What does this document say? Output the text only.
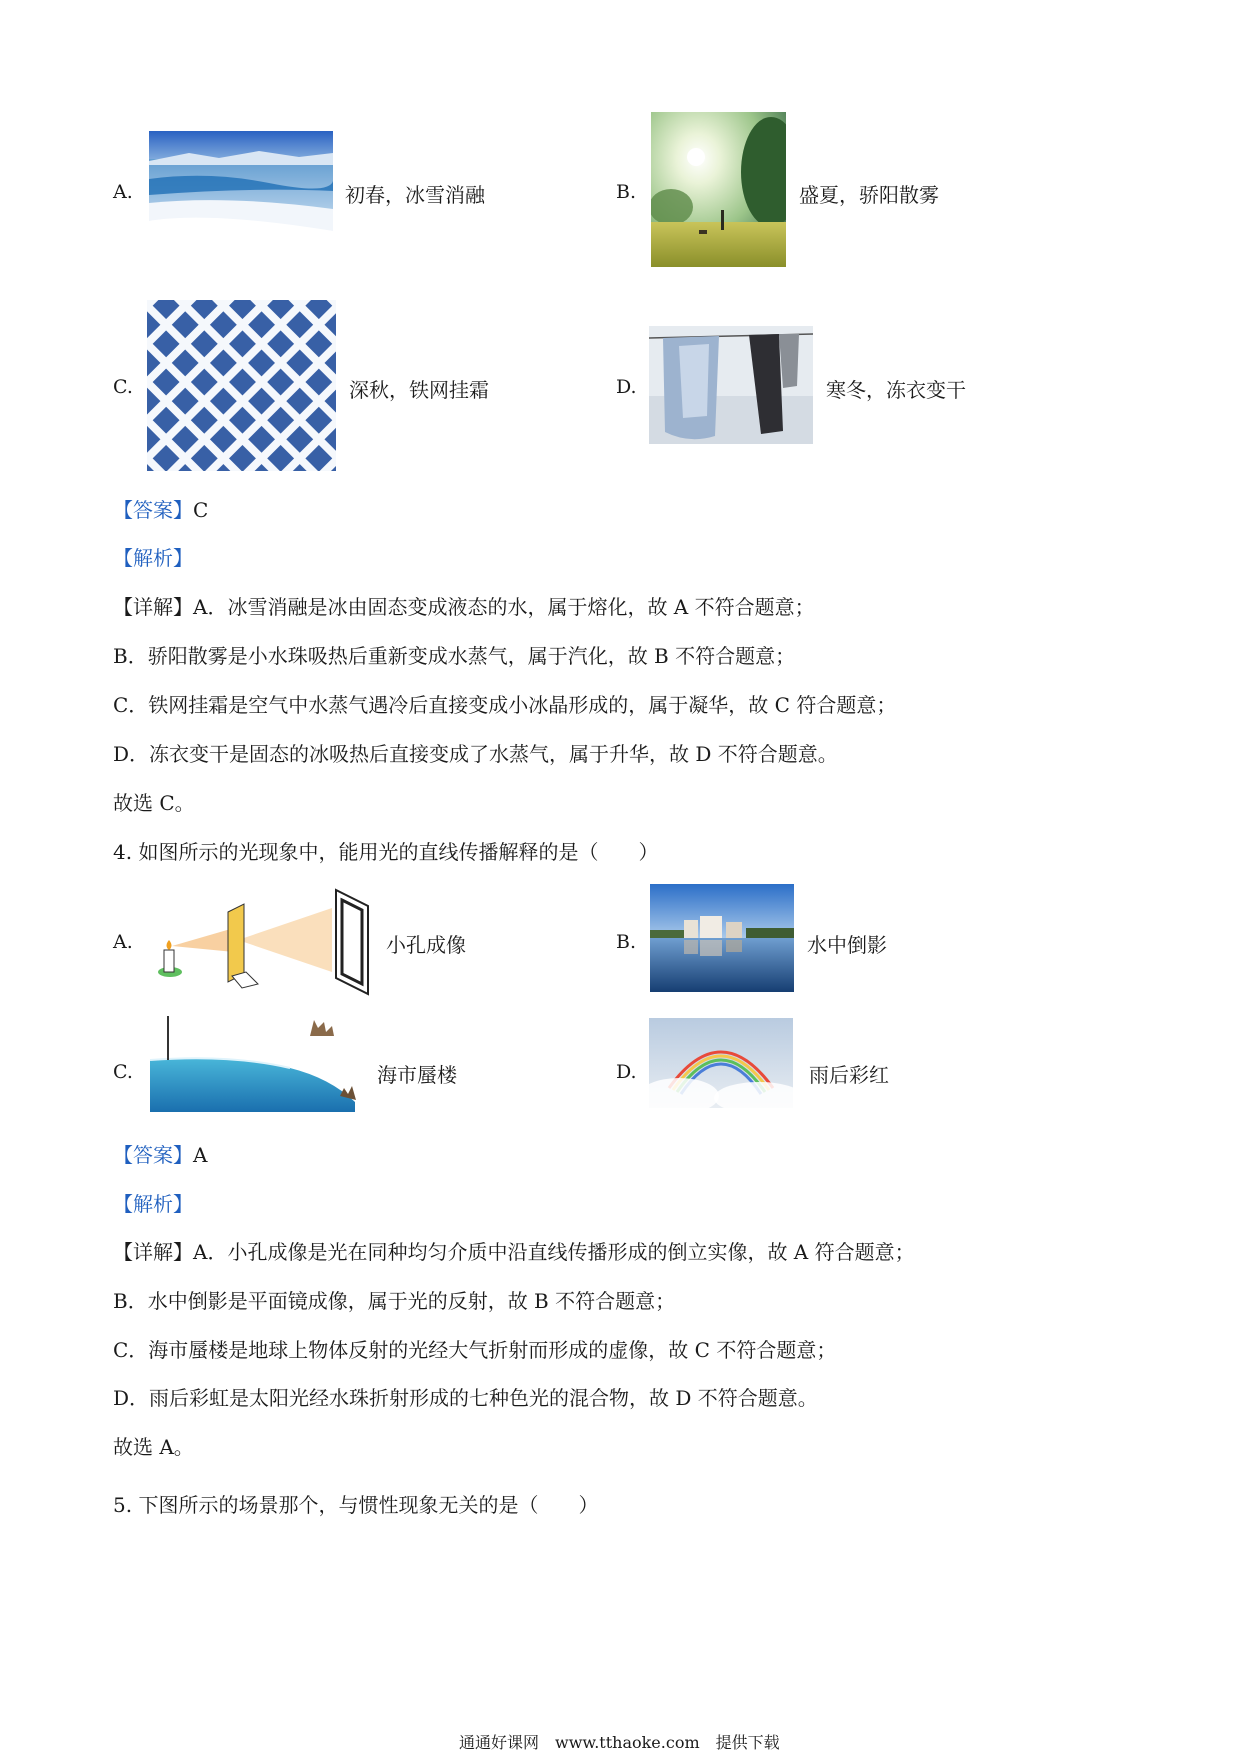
A.	初春，冰雪消融	B.	盛夏，骄阳散雾
C.	深秋，铁网挂霜	D.	寒冬，冻衣变干
【答案】C
【解析】
【详解】A．冰雪消融是冰由固态变成液态的水，属于熔化，故 A 不符合题意；
B．骄阳散雾是小水珠吸热后重新变成水蒸气，属于汽化，故 B 不符合题意；
C．铁网挂霜是空气中水蒸气遇冷后直接变成小冰晶形成的，属于凝华，故 C 符合题意；
D．冻衣变干是固态的冰吸热后直接变成了水蒸气，属于升华，故 D 不符合题意。
故选 C。
4. 如图所示的光现象中，能用光的直线传播解释的是（　　）
A.	小孔成像	B.	水中倒影
C.	海市蜃楼	D.	雨后彩红
【答案】A
【解析】
【详解】A．小孔成像是光在同种均匀介质中沿直线传播形成的倒立实像，故 A 符合题意；
B．水中倒影是平面镜成像，属于光的反射，故 B 不符合题意；
C．海市蜃楼是地球上物体反射的光经大气折射而形成的虚像，故 C 不符合题意；
D．雨后彩虹是太阳光经水珠折射形成的七种色光的混合物，故 D 不符合题意。
故选 A。
5. 下图所示的场景那个，与惯性现象无关的是（　　）
通通好课网　www.tthaoke.com　提供下载
